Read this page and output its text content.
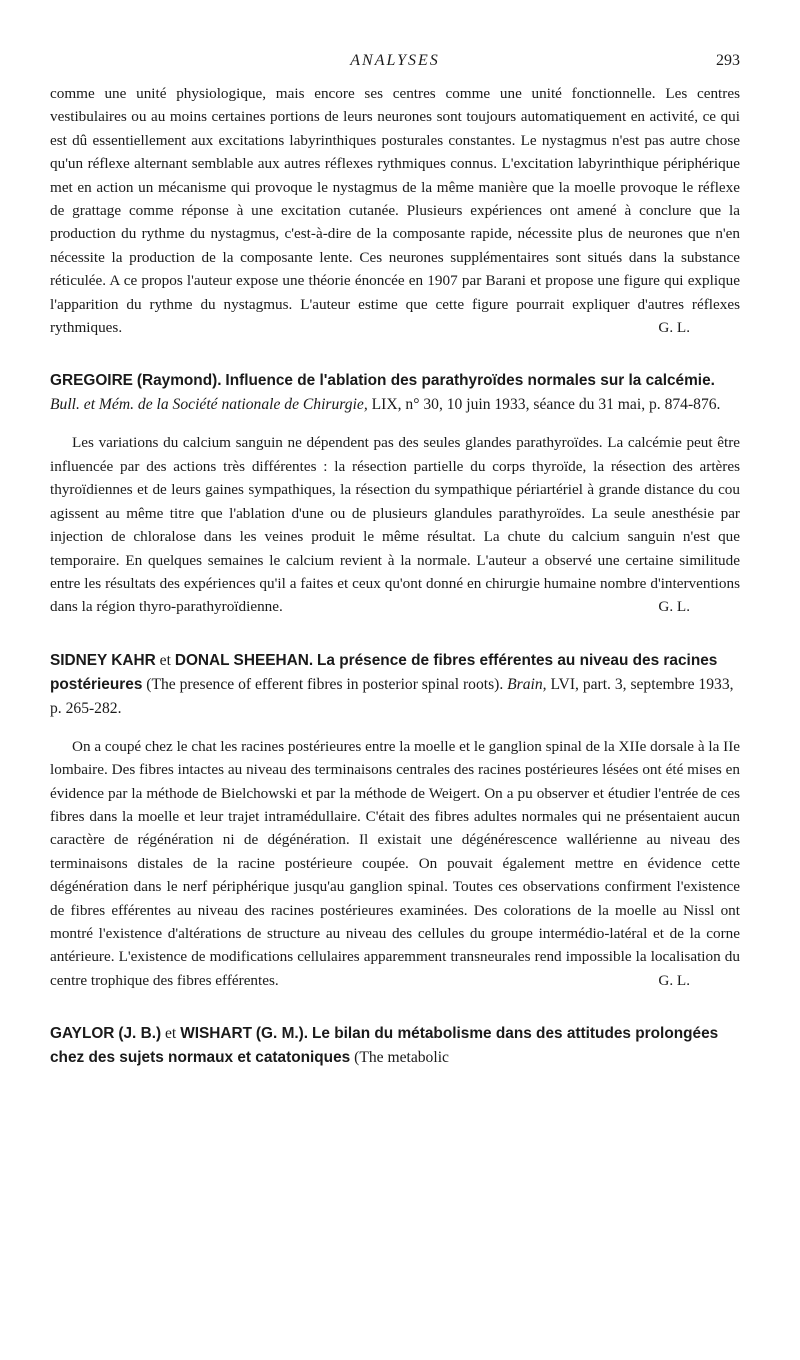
ANALYSES	293

comme une unité physiologique, mais encore ses centres comme une unité fonctionnelle. Les centres vestibulaires ou au moins certaines portions de leurs neurones sont toujours automatiquement en activité, ce qui est dû essentiellement aux excitations labyrinthiques posturales constantes. Le nystagmus n'est pas autre chose qu'un réflexe alternant semblable aux autres réflexes rythmiques connus. L'excitation labyrinthique périphérique met en action un mécanisme qui provoque le nystagmus de la même manière que la moelle provoque le réflexe de grattage comme réponse à une excitation cutanée. Plusieurs expériences ont amené à conclure que la production du rythme du nystagmus, c'est-à-dire de la composante rapide, nécessite plus de neurones que n'en nécessite la production de la composante lente. Ces neurones supplémentaires sont situés dans la substance réticulée. A ce propos l'auteur expose une théorie énoncée en 1907 par Barani et propose une figure qui explique l'apparition du rythme du nystagmus. L'auteur estime que cette figure pourrait expliquer d'autres réflexes rythmiques.	G. L.

GREGOIRE (Raymond). Influence de l'ablation des parathyroïdes normales sur la calcémie. Bull. et Mém. de la Société nationale de Chirurgie, LIX, n° 30, 10 juin 1933, séance du 31 mai, p. 874-876.

Les variations du calcium sanguin ne dépendent pas des seules glandes parathyroïdes. La calcémie peut être influencée par des actions très différentes : la résection partielle du corps thyroïde, la résection des artères thyroïdiennes et de leurs gaines sympathiques, la résection du sympathique périartériel à grande distance du cou agissent au même titre que l'ablation d'une ou de plusieurs glandules parathyroïdes. La seule anesthésie par injection de chloralose dans les veines produit le même résultat. La chute du calcium sanguin n'est que temporaire. En quelques semaines le calcium revient à la normale. L'auteur a observé une certaine similitude entre les résultats des expériences qu'il a faites et ceux qu'ont donné en chirurgie humaine nombre d'interventions dans la région thyro-parathyroïdienne.	G. L.

SIDNEY KAHR et DONAL SHEEHAN. La présence de fibres efférentes au niveau des racines postérieures (The presence of efferent fibres in posterior spinal roots). Brain, LVI, part. 3, septembre 1933, p. 265-282.

On a coupé chez le chat les racines postérieures entre la moelle et le ganglion spinal de la XIIe dorsale à la IIe lombaire. Des fibres intactes au niveau des terminaisons centrales des racines postérieures lésées ont été mises en évidence par la méthode de Bielchowski et par la méthode de Weigert. On a pu observer et étudier l'entrée de ces fibres dans la moelle et leur trajet intramédullaire. C'était des fibres adultes normales qui ne présentaient aucun caractère de régénération ni de dégénération. Il existait une dégénérescence wallérienne au niveau des terminaisons distales de la racine postérieure coupée. On pouvait également mettre en évidence cette dégénération dans le nerf périphérique jusqu'au ganglion spinal. Toutes ces observations confirment l'existence de fibres efférentes au niveau des racines postérieures examinées. Des colorations de la moelle au Nissl ont montré l'existence d'altérations de structure au niveau des cellules du groupe intermédio-latéral et de la corne antérieure. L'existence de modifications cellulaires apparemment transneurales rend impossible la localisation du centre trophique des fibres efférentes.	G. L.

GAYLOR (J. B.) et WISHART (G. M.). Le bilan du métabolisme dans des attitudes prolongées chez des sujets normaux et catatoniques (The metabolic
